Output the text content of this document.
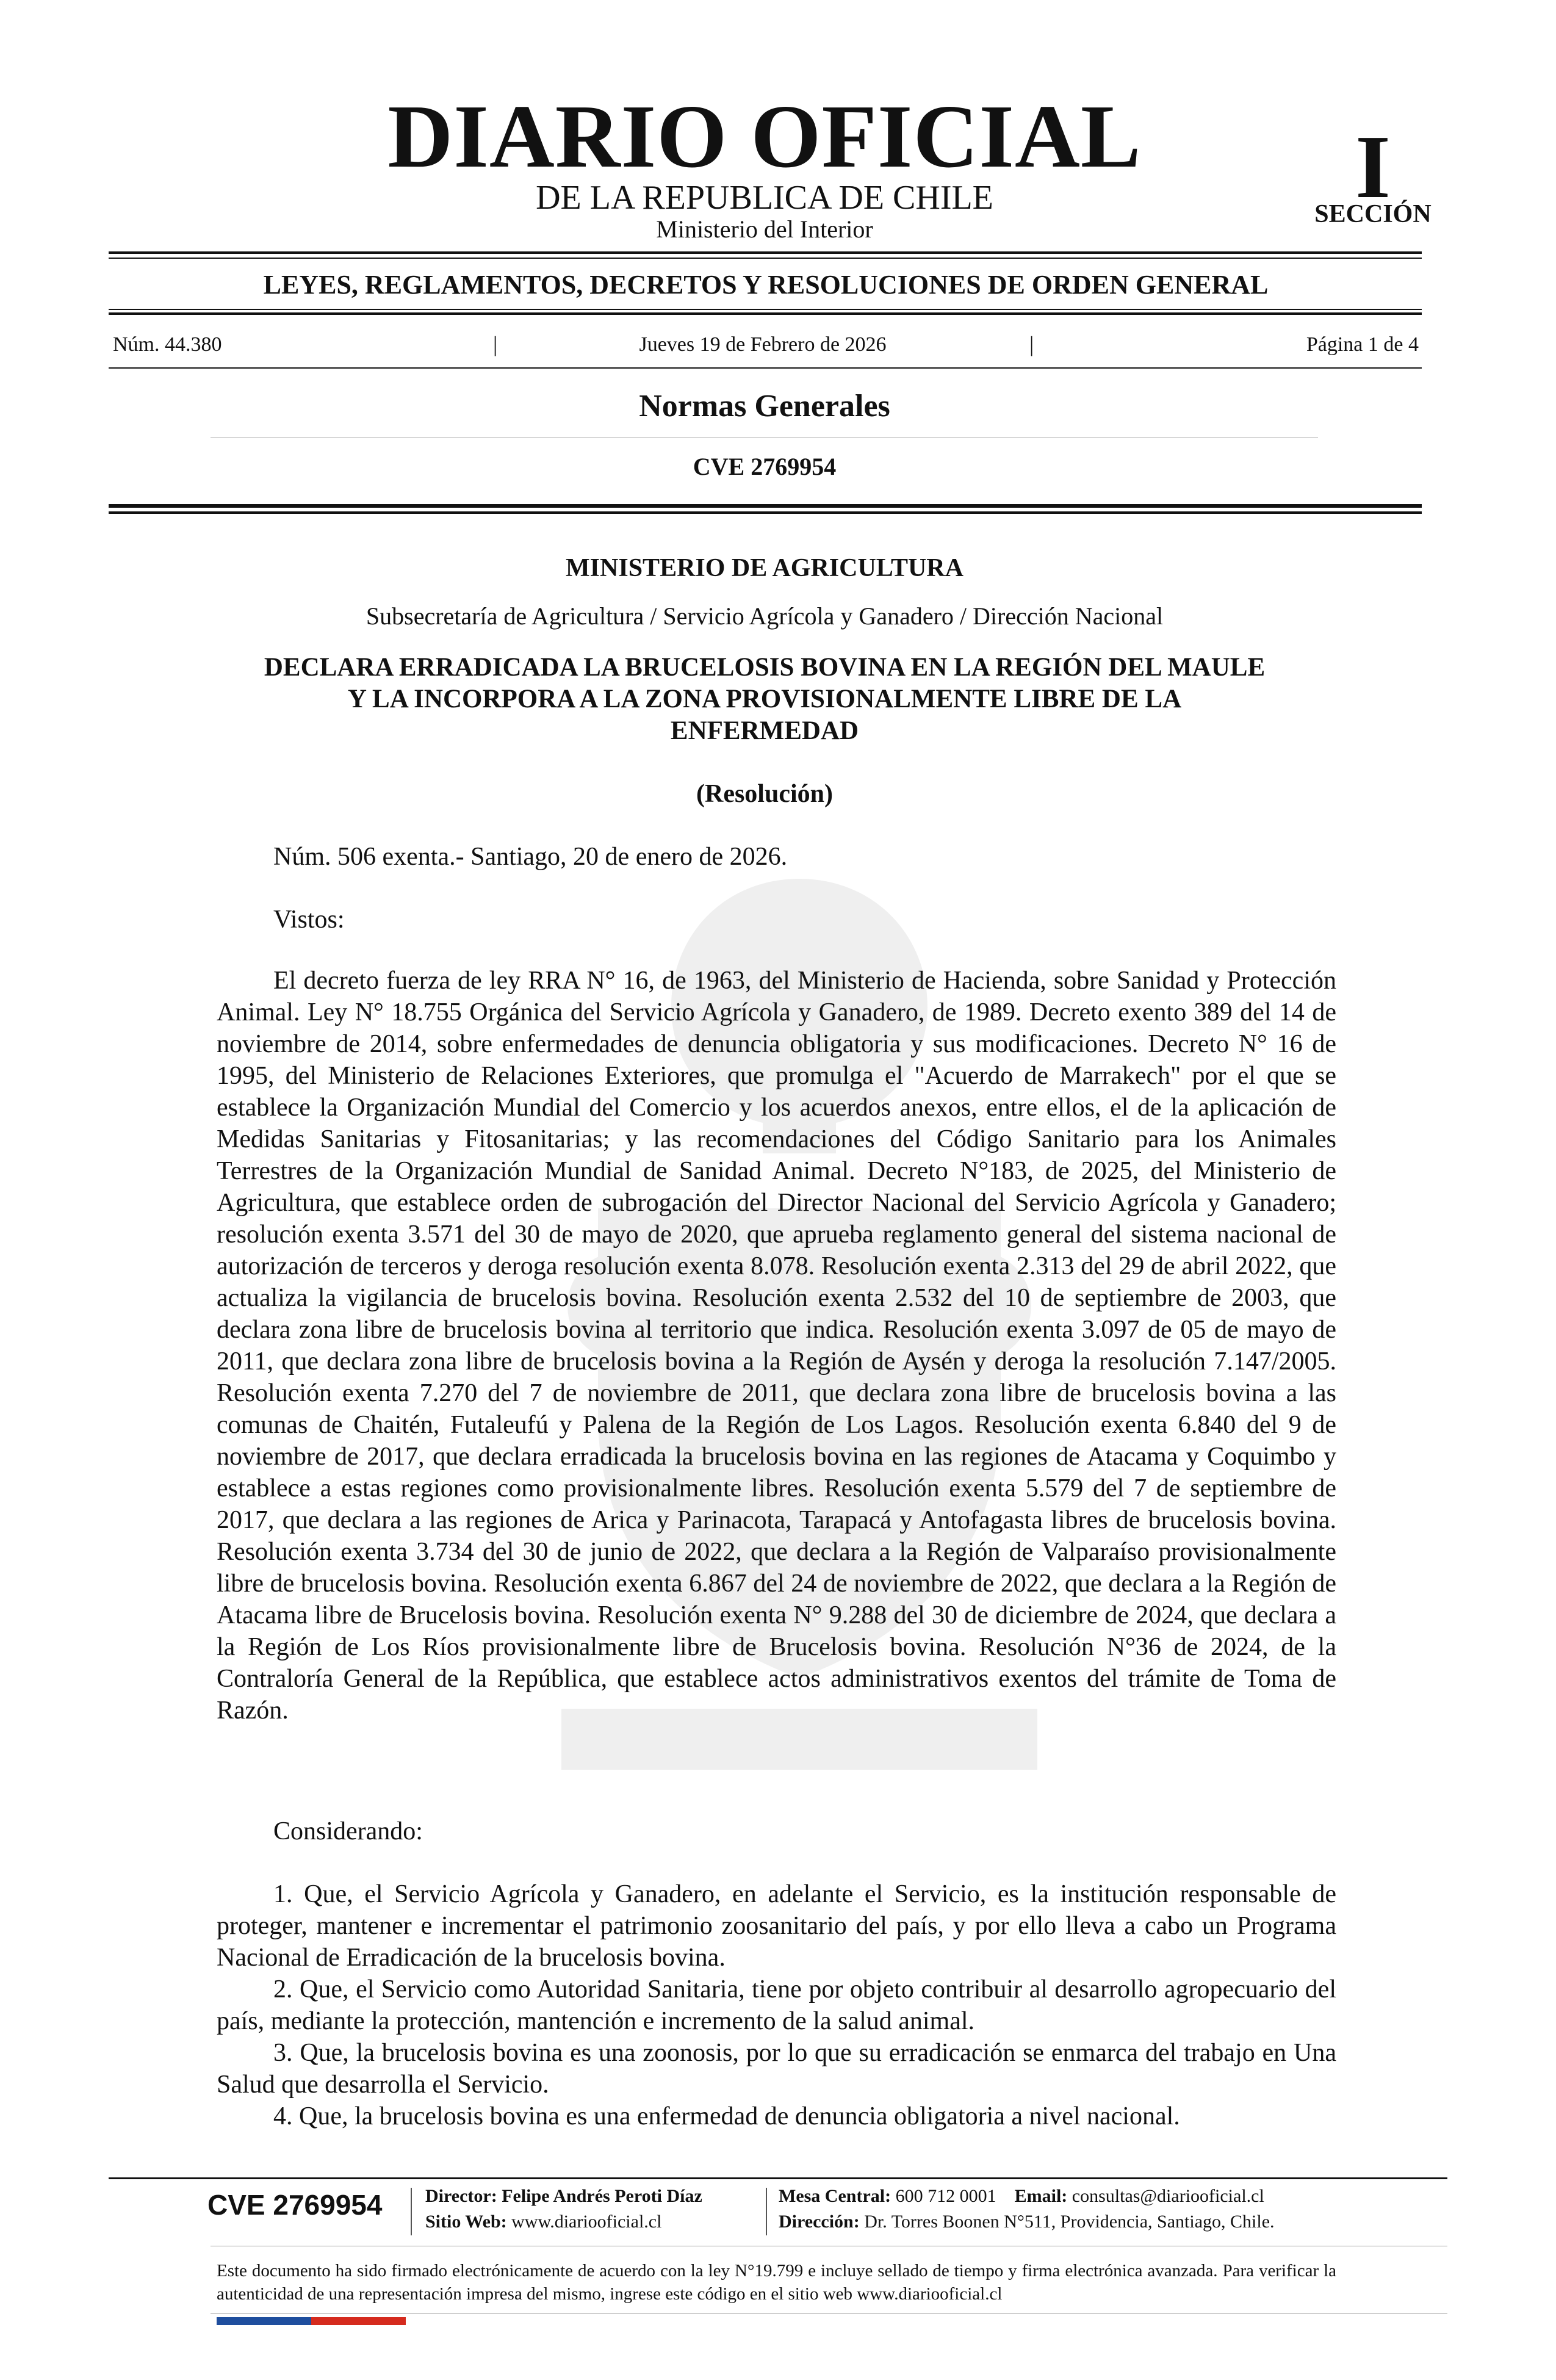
DIARIO OFICIAL
DE LA REPUBLICA DE CHILE
Ministerio del Interior
I
SECCIÓN
LEYES, REGLAMENTOS, DECRETOS Y RESOLUCIONES DE ORDEN GENERAL
Núm. 44.380	|	Jueves 19 de Febrero de 2026	|	Página 1 de 4
Normas Generales
CVE 2769954
MINISTERIO DE AGRICULTURA
Subsecretaría de Agricultura / Servicio Agrícola y Ganadero / Dirección Nacional
DECLARA ERRADICADA LA BRUCELOSIS BOVINA EN LA REGIÓN DEL MAULE
Y LA INCORPORA A LA ZONA PROVISIONALMENTE LIBRE DE LA
ENFERMEDAD
(Resolución)
Núm. 506 exenta.- Santiago, 20 de enero de 2026.
Vistos:
El decreto fuerza de ley RRA N° 16, de 1963, del Ministerio de Hacienda, sobre Sanidad y Protección Animal. Ley N° 18.755 Orgánica del Servicio Agrícola y Ganadero, de 1989. Decreto exento 389 del 14 de noviembre de 2014, sobre enfermedades de denuncia obligatoria y sus modificaciones. Decreto N° 16 de 1995, del Ministerio de Relaciones Exteriores, que promulga el "Acuerdo de Marrakech" por el que se establece la Organización Mundial del Comercio y los acuerdos anexos, entre ellos, el de la aplicación de Medidas Sanitarias y Fitosanitarias; y las recomendaciones del Código Sanitario para los Animales Terrestres de la Organización Mundial de Sanidad Animal. Decreto N°183, de 2025, del Ministerio de Agricultura, que establece orden de subrogación del Director Nacional del Servicio Agrícola y Ganadero; resolución exenta 3.571 del 30 de mayo de 2020, que aprueba reglamento general del sistema nacional de autorización de terceros y deroga resolución exenta 8.078. Resolución exenta 2.313 del 29 de abril 2022, que actualiza la vigilancia de brucelosis bovina. Resolución exenta 2.532 del 10 de septiembre de 2003, que declara zona libre de brucelosis bovina al territorio que indica. Resolución exenta 3.097 de 05 de mayo de 2011, que declara zona libre de brucelosis bovina a la Región de Aysén y deroga la resolución 7.147/2005. Resolución exenta 7.270 del 7 de noviembre de 2011, que declara zona libre de brucelosis bovina a las comunas de Chaitén, Futaleufú y Palena de la Región de Los Lagos. Resolución exenta 6.840 del 9 de noviembre de 2017, que declara erradicada la brucelosis bovina en las regiones de Atacama y Coquimbo y establece a estas regiones como provisionalmente libres. Resolución exenta 5.579 del 7 de septiembre de 2017, que declara a las regiones de Arica y Parinacota, Tarapacá y Antofagasta libres de brucelosis bovina. Resolución exenta 3.734 del 30 de junio de 2022, que declara a la Región de Valparaíso provisionalmente libre de brucelosis bovina. Resolución exenta 6.867 del 24 de noviembre de 2022, que declara a la Región de Atacama libre de Brucelosis bovina. Resolución exenta N° 9.288 del 30 de diciembre de 2024, que declara a la Región de Los Ríos provisionalmente libre de Brucelosis bovina. Resolución N°36 de 2024, de la Contraloría General de la República, que establece actos administrativos exentos del trámite de Toma de Razón.
Considerando:
1. Que, el Servicio Agrícola y Ganadero, en adelante el Servicio, es la institución responsable de proteger, mantener e incrementar el patrimonio zoosanitario del país, y por ello lleva a cabo un Programa Nacional de Erradicación de la brucelosis bovina.
2. Que, el Servicio como Autoridad Sanitaria, tiene por objeto contribuir al desarrollo agropecuario del país, mediante la protección, mantención e incremento de la salud animal.
3. Que, la brucelosis bovina es una zoonosis, por lo que su erradicación se enmarca del trabajo en Una Salud que desarrolla el Servicio.
4. Que, la brucelosis bovina es una enfermedad de denuncia obligatoria a nivel nacional.
CVE 2769954 Director: Felipe Andrés Peroti Díaz
Sitio Web: www.diariooficial.cl
Mesa Central: 600 712 0001 Email: consultas@diariooficial.cl
Dirección: Dr. Torres Boonen N°511, Providencia, Santiago, Chile.
Este documento ha sido firmado electrónicamente de acuerdo con la ley N°19.799 e incluye sellado de tiempo y firma electrónica avanzada. Para verificar la autenticidad de una representación impresa del mismo, ingrese este código en el sitio web www.diariooficial.cl
